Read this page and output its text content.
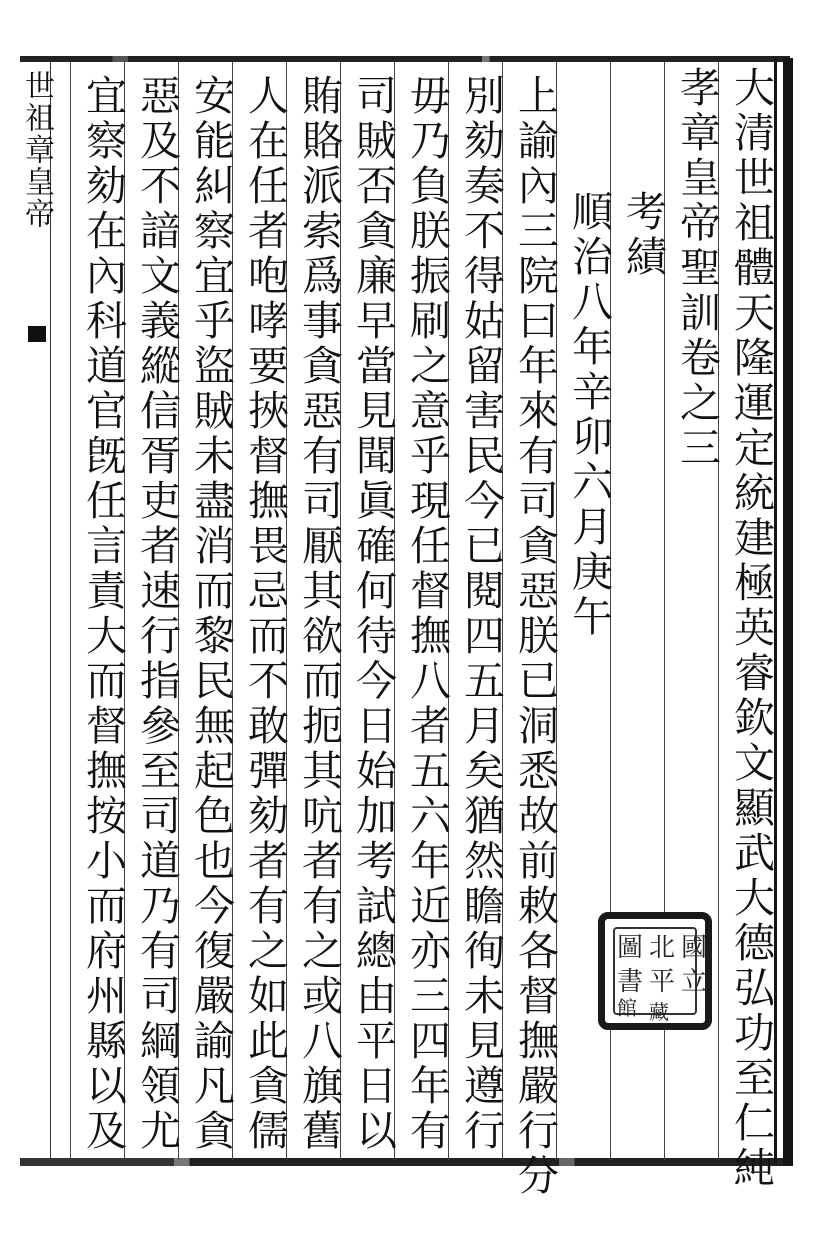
世祖章皇帝	大清世祖體天隆運定統建極英睿欽文顯武大德弘功至仁純
孝章皇帝聖訓卷之三
考績
順治八年辛卯六月庚午
上諭內三院曰年來有司貪惡朕已洞悉故前敕各督撫嚴行分
別劾奏不得姑留害民今已閱四五月矣猶然瞻徇未見遵行
毋乃負朕振刷之意乎現任督撫八者五六年近亦三四年有
司賊否貪廉早當見聞眞確何待今日始加考試總由平日以
賄賂派索爲事貪惡有司厭其欲而扼其吭者有之或八旗舊
人在任者咆哮要挾督撫畏忌而不敢彈劾者有之如此貪儒
安能糾察宜乎盜賊未盡消而黎民無起色也今復嚴諭凡貪
惡及不諳文義縱信胥吏者速行指參至司道乃有司綱領尤
宜察劾在內科道官旣任言責大而督撫按小而府州縣以及	國
立
北
平
圖
書
館 藏
